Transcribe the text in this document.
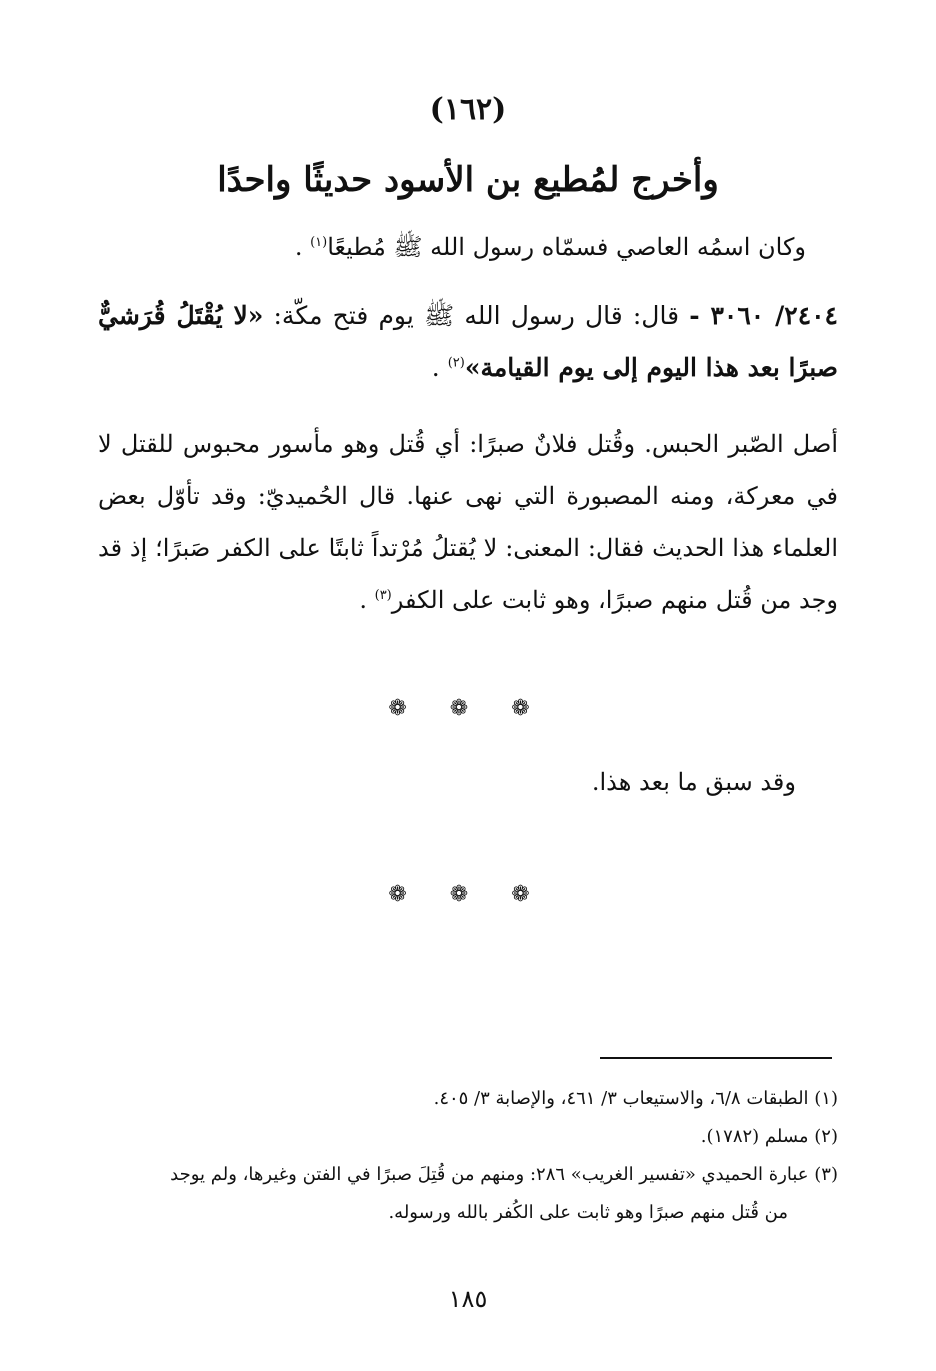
(١٦٢)
وأخرج لمُطيع بن الأسود حديثًا واحدًا
وكان اسمُه العاصي فسمّاه رسول الله ﷺ مُطيعًا$^{(١)}$ .
٢٤٠٤/ ٣٠٦٠ - قال: قال رسول الله ﷺ يوم فتح مكّة: «لا يُقْتَلُ قُرَشيٌّ صبرًا بعد هذا اليوم إلى يوم القيامة»$^{(٢)}$ .
أصل الصّبر الحبس. وقُتل فلانٌ صبرًا: أي قُتل وهو مأسور محبوس للقتل لا في معركة، ومنه المصبورة التي نهى عنها. قال الحُميديّ: وقد تأوّل بعض العلماء هذا الحديث فقال: المعنى: لا يُقتلُ مُرْتداً ثابتًا على الكفر صَبرًا؛ إذ قد وجد من قُتل منهم صبرًا، وهو ثابت على الكفر$^{(٣)}$ .
❁ ❁ ❁
وقد سبق ما بعد هذا.
❁ ❁ ❁

(١) الطبقات ٦/٨، والاستيعاب ٣/ ٤٦١، والإصابة ٣/ ٤٠٥.

(٢) مسلم (١٧٨٢).

(٣) عبارة الحميدي «تفسير الغريب» ٢٨٦: ومنهم من قُتِلَ صبرًا في الفتن وغيرها، ولم يوجد

من قُتل منهم صبرًا وهو ثابت على الكُفر بالله ورسوله.

١٨٥
